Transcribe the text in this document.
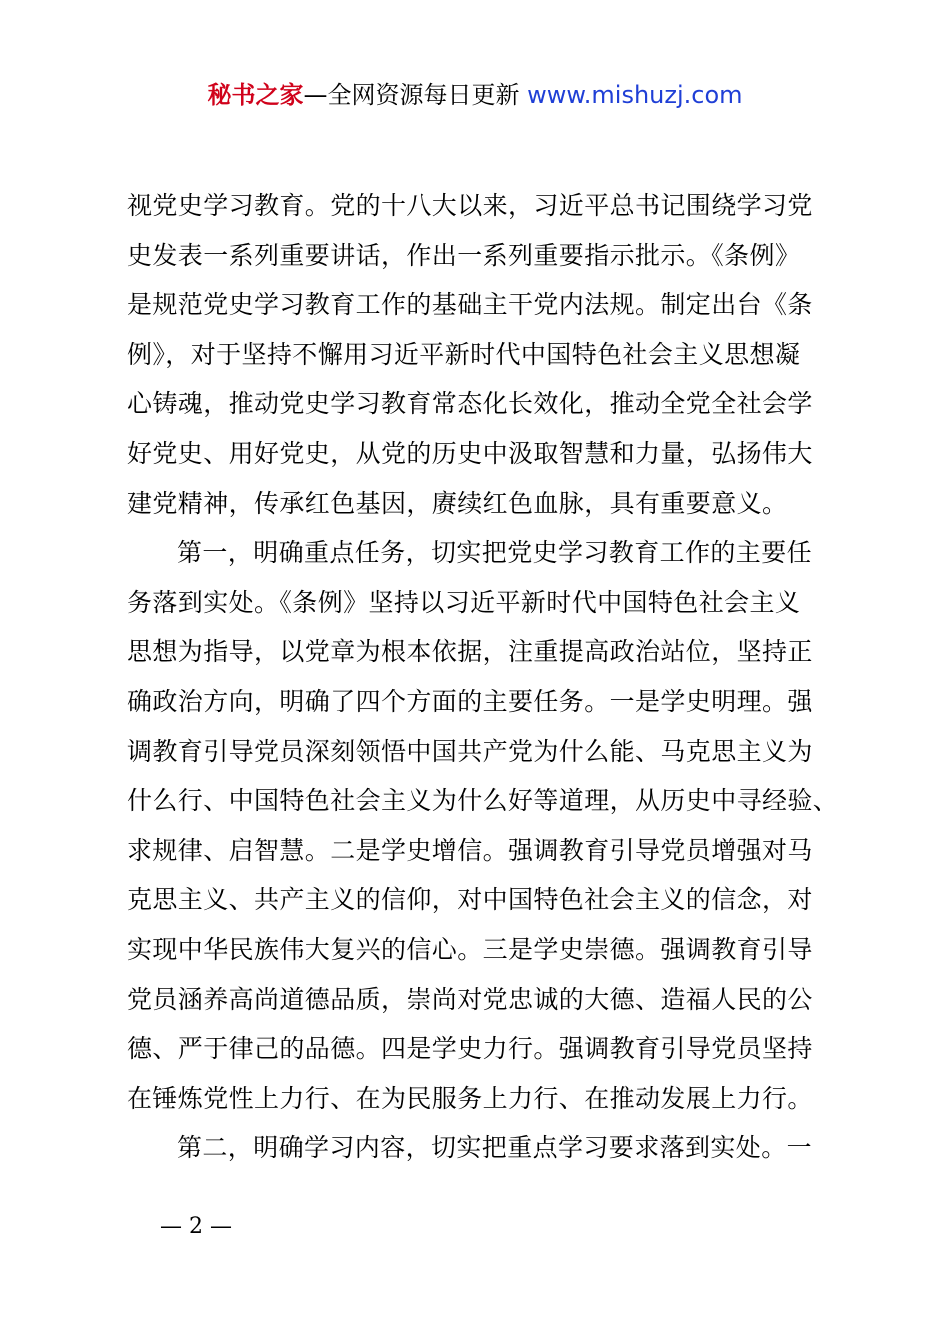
秘书之家—全网资源每日更新 www.mishuzj.com
视党史学习教育。党的十八大以来，习近平总书记围绕学习党
史发表一系列重要讲话，作出一系列重要指示批示。《条例》
是规范党史学习教育工作的基础主干党内法规。制定出台《条
例》，对于坚持不懈用习近平新时代中国特色社会主义思想凝
心铸魂，推动党史学习教育常态化长效化，推动全党全社会学
好党史、用好党史，从党的历史中汲取智慧和力量，弘扬伟大
建党精神，传承红色基因，赓续红色血脉，具有重要意义。
第一，明确重点任务，切实把党史学习教育工作的主要任
务落到实处。《条例》坚持以习近平新时代中国特色社会主义
思想为指导，以党章为根本依据，注重提高政治站位，坚持正
确政治方向，明确了四个方面的主要任务。一是学史明理。强
调教育引导党员深刻领悟中国共产党为什么能、马克思主义为
什么行、中国特色社会主义为什么好等道理，从历史中寻经验、
求规律、启智慧。二是学史增信。强调教育引导党员增强对马
克思主义、共产主义的信仰，对中国特色社会主义的信念，对
实现中华民族伟大复兴的信心。三是学史崇德。强调教育引导
党员涵养高尚道德品质，崇尚对党忠诚的大德、造福人民的公
德、严于律己的品德。四是学史力行。强调教育引导党员坚持
在锤炼党性上力行、在为民服务上力行、在推动发展上力行。
第二，明确学习内容，切实把重点学习要求落到实处。一
— 2 —
